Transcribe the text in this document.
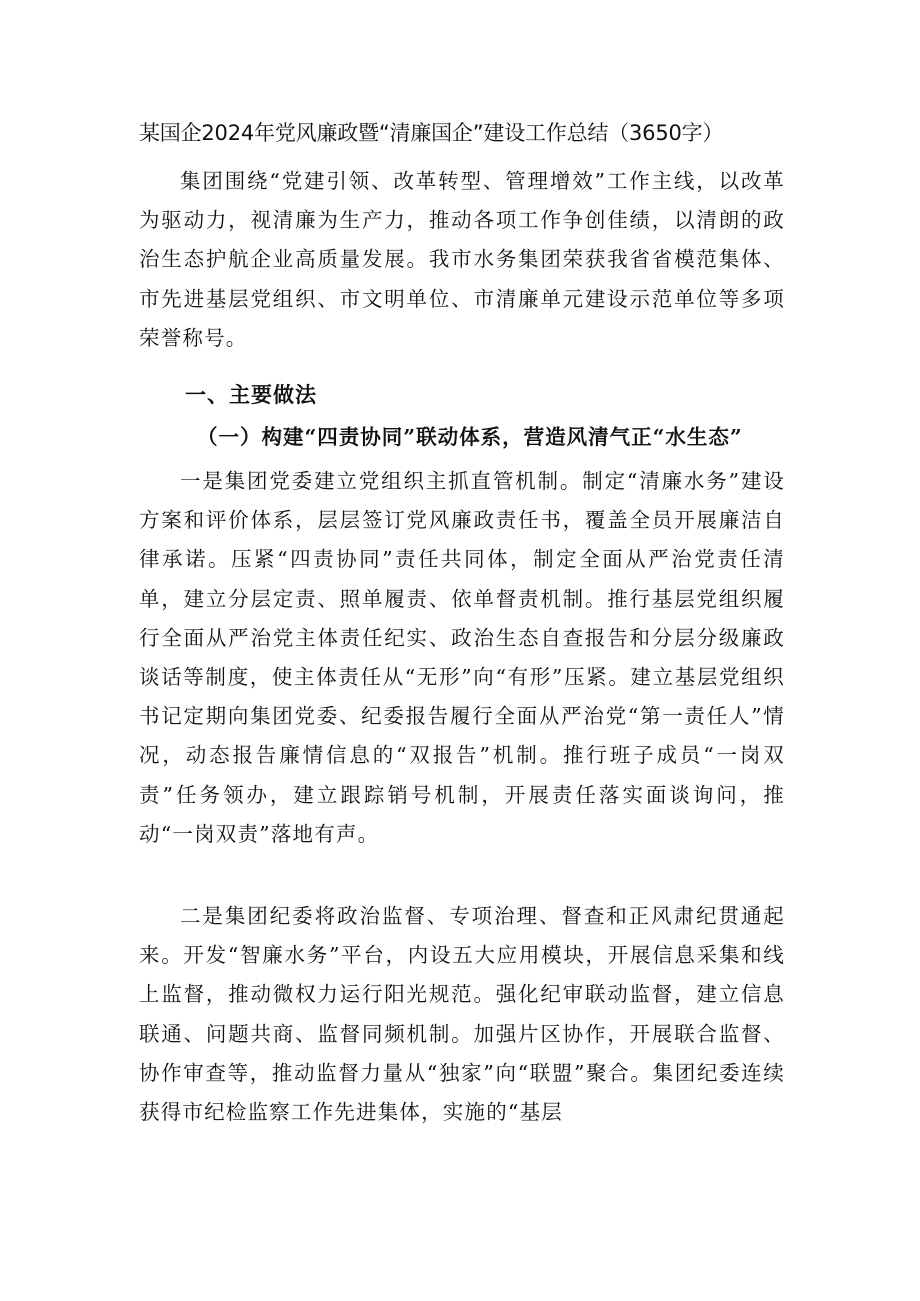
某国企2024年党风廉政暨“清廉国企”建设工作总结（3650字）

集团围绕“党建引领、改革转型、管理增效”工作主线，以改革为驱动力，视清廉为生产力，推动各项工作争创佳绩，以清朗的政治生态护航企业高质量发展。我市水务集团荣获我省省模范集体、市先进基层党组织、市文明单位、市清廉单元建设示范单位等多项荣誉称号。

一、主要做法
（一）构建“四责协同”联动体系，营造风清气正“水生态”

一是集团党委建立党组织主抓直管机制。制定“清廉水务”建设方案和评价体系，层层签订党风廉政责任书，覆盖全员开展廉洁自律承诺。压紧“四责协同”责任共同体，制定全面从严治党责任清单，建立分层定责、照单履责、依单督责机制。推行基层党组织履行全面从严治党主体责任纪实、政治生态自查报告和分层分级廉政谈话等制度，使主体责任从“无形”向“有形”压紧。建立基层党组织书记定期向集团党委、纪委报告履行全面从严治党“第一责任人”情况，动态报告廉情信息的“双报告”机制。推行班子成员“一岗双责”任务领办，建立跟踪销号机制，开展责任落实面谈询问，推动“一岗双责”落地有声。

二是集团纪委将政治监督、专项治理、督查和正风肃纪贯通起来。开发“智廉水务”平台，内设五大应用模块，开展信息采集和线上监督，推动微权力运行阳光规范。强化纪审联动监督，建立信息联通、问题共商、监督同频机制。加强片区协作，开展联合监督、协作审查等，推动监督力量从“独家”向“联盟”聚合。集团纪委连续获得市纪检监察工作先进集体，实施的“基层
